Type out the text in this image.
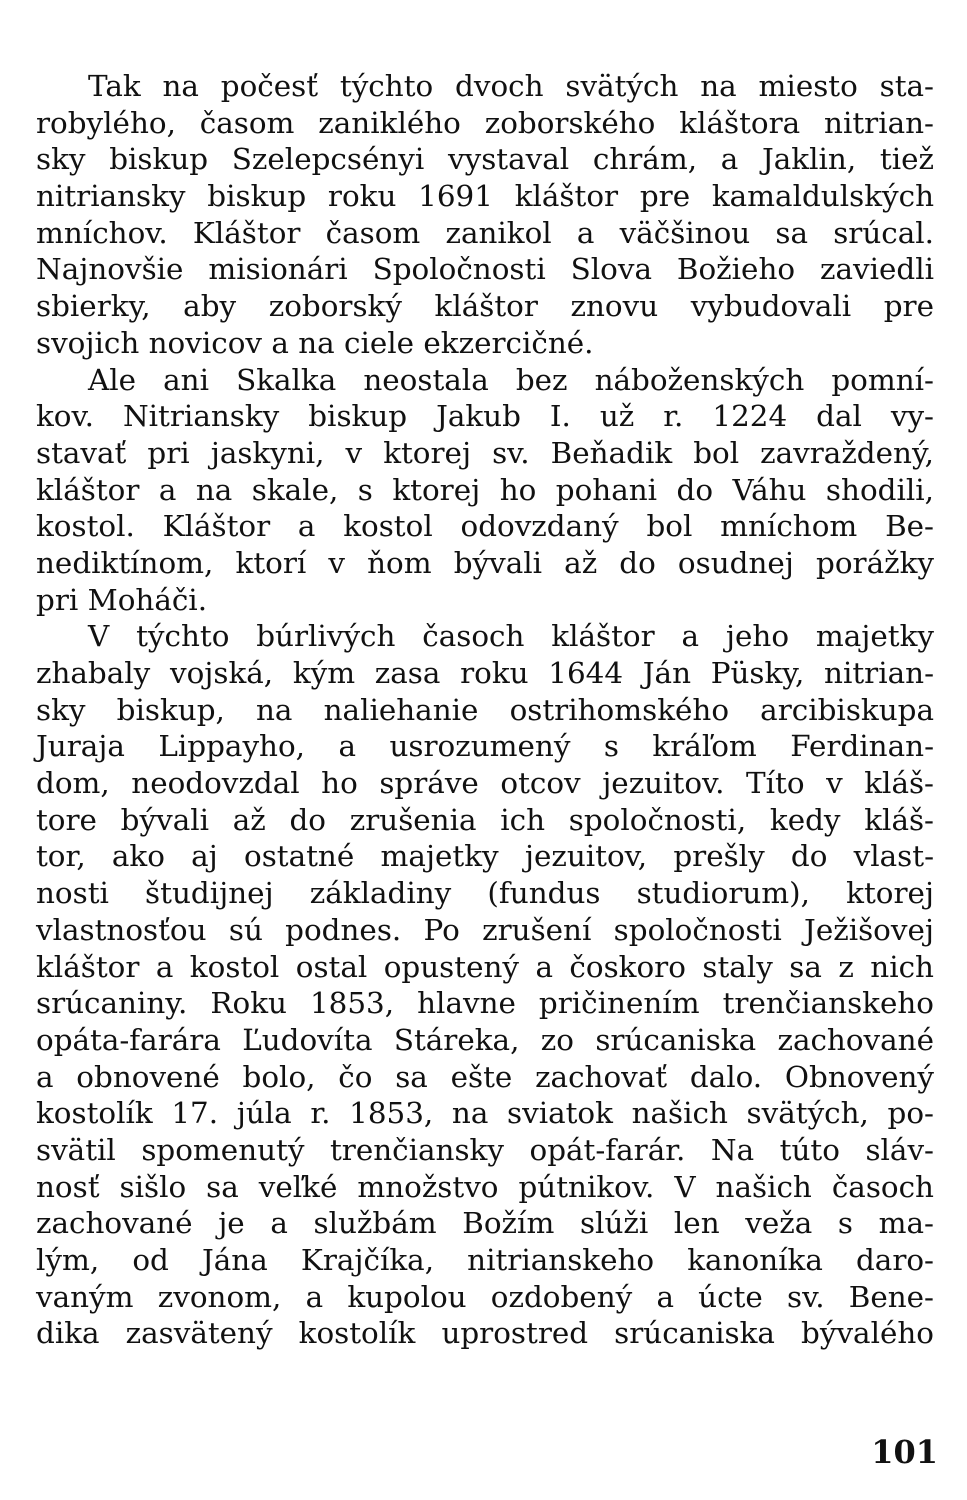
Tak na počesť týchto dvoch svätých na miesto sta-
robylého, časom zaniklého zoborského kláštora nitrian-
sky biskup Szelepcsényi vystaval chrám, a Jaklin, tiež
nitriansky biskup roku 1691 kláštor pre kamaldulských
mníchov. Kláštor časom zanikol a väčšinou sa srúcal.
Najnovšie misionári Spoločnosti Slova Božieho zaviedli
sbierky, aby zoborský kláštor znovu vybudovali pre
svojich novicov a na ciele ekzercičné.
Ale ani Skalka neostala bez náboženských pomní-
kov. Nitriansky biskup Jakub I. už r. 1224 dal vy-
stavať pri jaskyni, v ktorej sv. Beňadik bol zavraždený,
kláštor a na skale, s ktorej ho pohani do Váhu shodili,
kostol. Kláštor a kostol odovzdaný bol mníchom Be-
nediktínom, ktorí v ňom bývali až do osudnej porážky
pri Moháči.
V týchto búrlivých časoch kláštor a jeho majetky
zhabaly vojská, kým zasa roku 1644 Ján Püsky, nitrian-
sky biskup, na naliehanie ostrihomského arcibiskupa
Juraja Lippayho, a usrozumený s kráľom Ferdinan-
dom, neodovzdal ho správe otcov jezuitov. Títo v kláš-
tore bývali až do zrušenia ich spoločnosti, kedy kláš-
tor, ako aj ostatné majetky jezuitov, prešly do vlast-
nosti študijnej základiny (fundus studiorum), ktorej
vlastnosťou sú podnes. Po zrušení spoločnosti Ježišovej
kláštor a kostol ostal opustený a čoskoro staly sa z nich
srúcaniny. Roku 1853, hlavne pričinením trenčianskeho
opáta-farára Ľudovíta Stáreka, zo srúcaniska zachované
a obnovené bolo, čo sa ešte zachovať dalo. Obnovený
kostolík 17. júla r. 1853, na sviatok našich svätých, po-
svätil spomenutý trenčiansky opát-farár. Na túto sláv-
nosť sišlo sa veľké množstvo pútnikov. V našich časoch
zachované je a službám Božím slúži len veža s ma-
lým, od Jána Krajčíka, nitrianskeho kanoníka daro-
vaným zvonom, a kupolou ozdobený a úcte sv. Bene-
dika zasvätený kostolík uprostred srúcaniska bývalého
101
